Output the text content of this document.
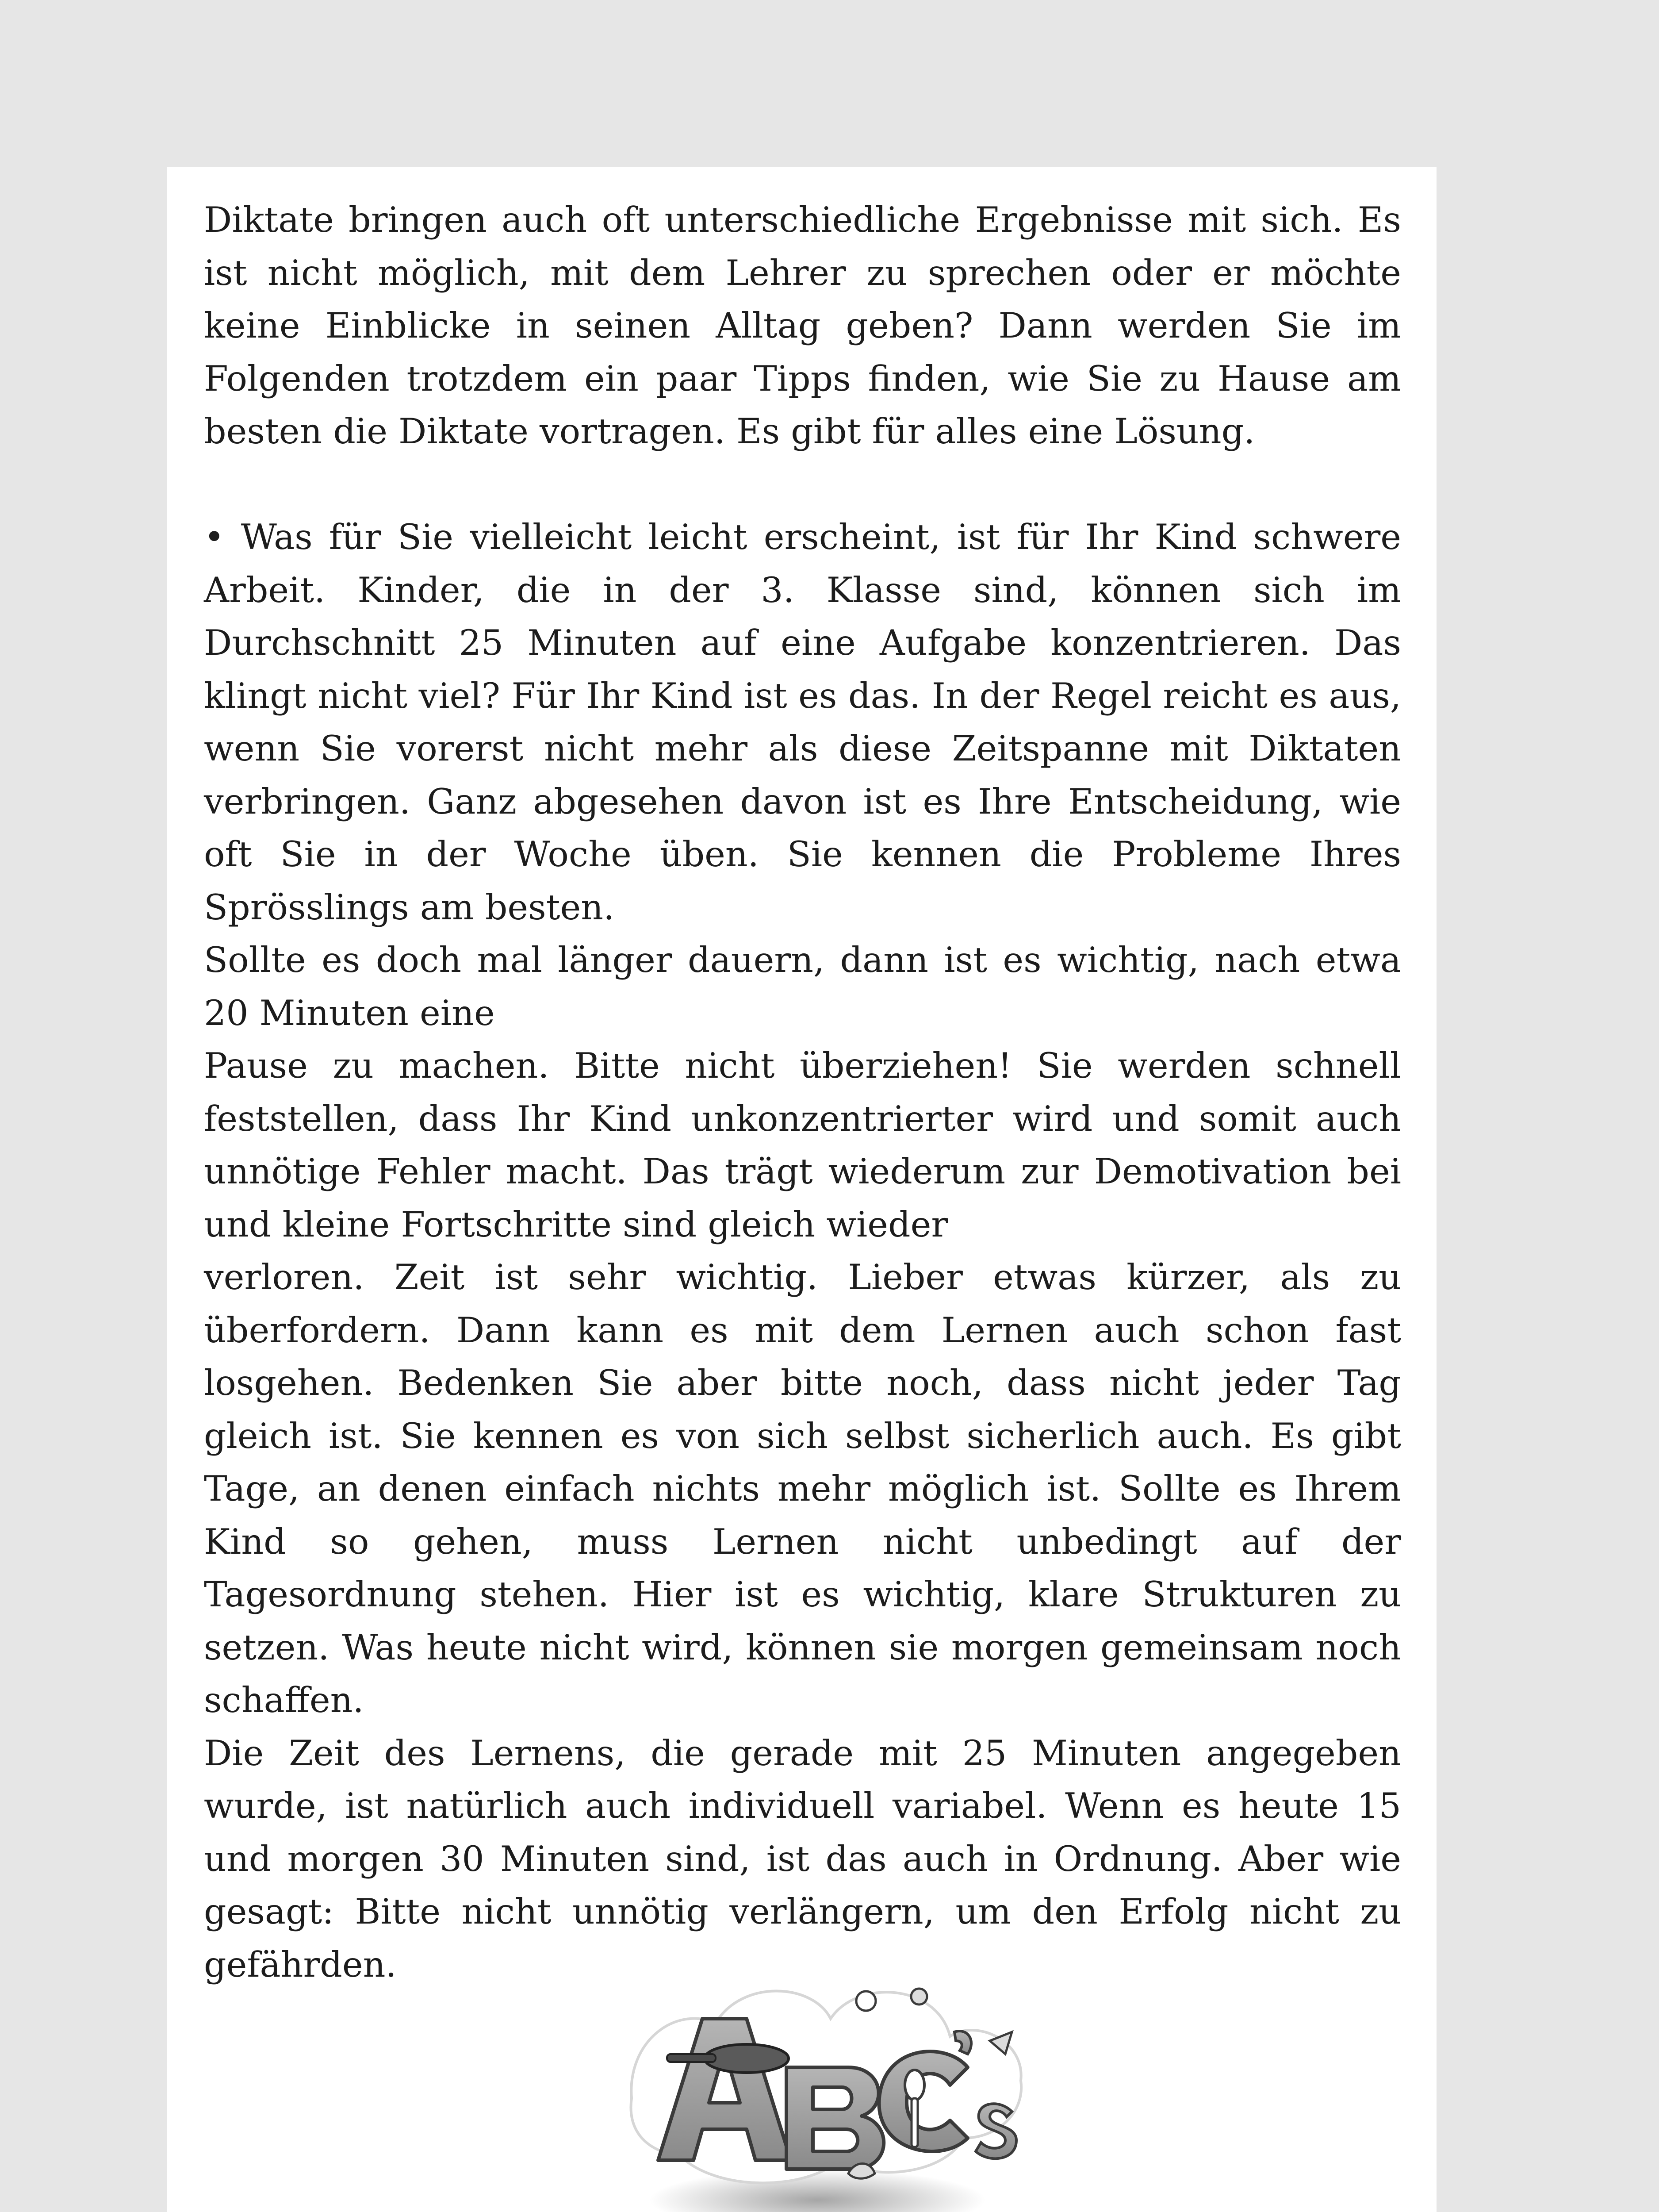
Diktate bringen auch oft unterschiedliche Ergebnisse mit sich. Es ist nicht möglich, mit dem Lehrer zu sprechen oder er möchte keine Einblicke in seinen Alltag geben? Dann werden Sie im Folgenden trotzdem ein paar Tipps finden, wie Sie zu Hause am besten die Diktate vortragen. Es gibt für alles eine Lösung.

• Was für Sie vielleicht leicht erscheint, ist für Ihr Kind schwere Arbeit. Kinder, die in der 3. Klasse sind, können sich im Durchschnitt 25 Minuten auf eine Aufgabe konzentrieren. Das klingt nicht viel? Für Ihr Kind ist es das. In der Regel reicht es aus, wenn Sie vorerst nicht mehr als diese Zeitspanne mit Diktaten verbringen. Ganz abgesehen davon ist es Ihre Entscheidung, wie oft Sie in der Woche üben. Sie kennen die Probleme Ihres Sprösslings am besten.

Sollte es doch mal länger dauern, dann ist es wichtig, nach etwa 20 Minuten eine

Pause zu machen. Bitte nicht überziehen! Sie werden schnell feststellen, dass Ihr Kind unkonzentrierter wird und somit auch unnötige Fehler macht. Das trägt wiederum zur Demotivation bei und kleine Fortschritte sind gleich wieder

verloren. Zeit ist sehr wichtig. Lieber etwas kürzer, als zu überfordern. Dann kann es mit dem Lernen auch schon fast losgehen. Bedenken Sie aber bitte noch, dass nicht jeder Tag gleich ist. Sie kennen es von sich selbst sicherlich auch. Es gibt Tage, an denen einfach nichts mehr möglich ist. Sollte es Ihrem Kind so gehen, muss Lernen nicht unbedingt auf der Tagesordnung stehen. Hier ist es wichtig, klare Strukturen zu setzen. Was heute nicht wird, können sie morgen gemeinsam noch schaffen.

Die Zeit des Lernens, die gerade mit 25 Minuten angegeben wurde, ist natürlich auch individuell variabel. Wenn es heute 15 und morgen 30 Minuten sind, ist das auch in Ordnung. Aber wie gesagt: Bitte nicht unnötig verlängern, um den Erfolg nicht zu gefährden.
